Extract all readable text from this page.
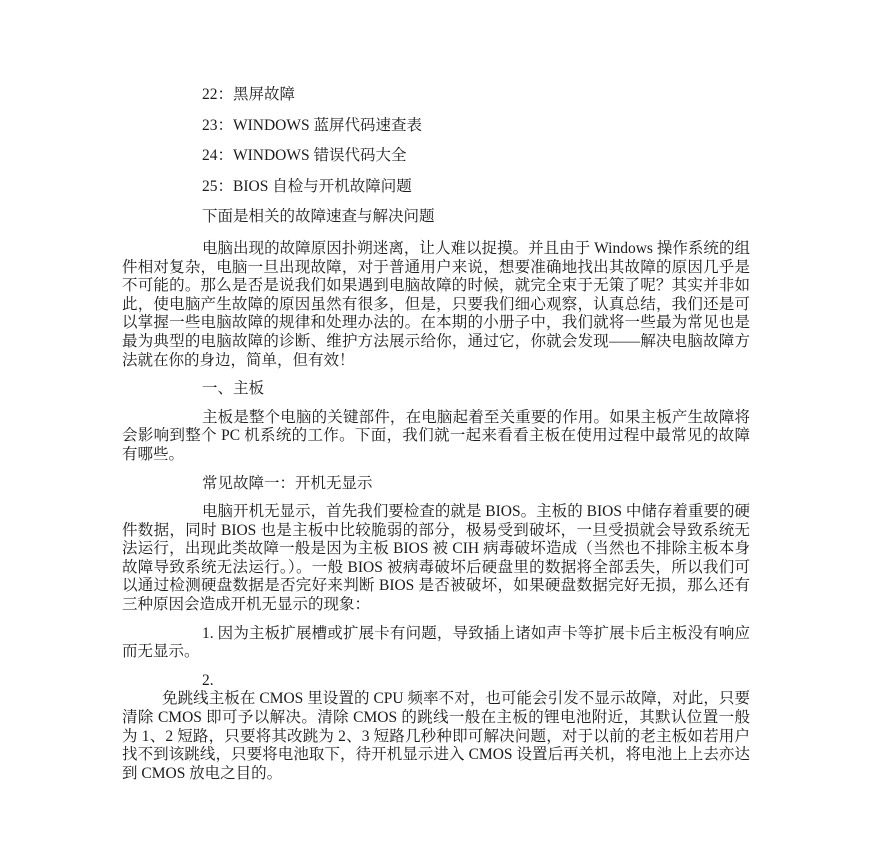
22：黑屏故障

23：WINDOWS 蓝屏代码速查表

24：WINDOWS 错误代码大全

25：BIOS 自检与开机故障问题

下面是相关的故障速查与解决问题

电脑出现的故障原因扑朔迷离，让人难以捉摸。并且由于 Windows 操作系统的组件相对复杂，电脑一旦出现故障，对于普通用户来说，想要准确地找出其故障的原因几乎是不可能的。那么是否是说我们如果遇到电脑故障的时候，就完全束于无策了呢？其实并非如此，使电脑产生故障的原因虽然有很多，但是，只要我们细心观察，认真总结，我们还是可以掌握一些电脑故障的规律和处理办法的。在本期的小册子中，我们就将一些最为常见也是最为典型的电脑故障的诊断、维护方法展示给你，通过它，你就会发现——解决电脑故障方法就在你的身边，简单，但有效！

一、主板

主板是整个电脑的关键部件，在电脑起着至关重要的作用。如果主板产生故障将会影响到整个 PC 机系统的工作。下面，我们就一起来看看主板在使用过程中最常见的故障有哪些。

常见故障一：开机无显示

电脑开机无显示，首先我们要检查的就是 BIOS。主板的 BIOS 中储存着重要的硬件数据，同时 BIOS 也是主板中比较脆弱的部分，极易受到破坏，一旦受损就会导致系统无法运行，出现此类故障一般是因为主板 BIOS 被 CIH 病毒破坏造成（当然也不排除主板本身故障导致系统无法运行。）。一般 BIOS 被病毒破坏后硬盘里的数据将全部丢失，所以我们可以通过检测硬盘数据是否完好来判断 BIOS 是否被破坏，如果硬盘数据完好无损，那么还有三种原因会造成开机无显示的现象：

1. 因为主板扩展槽或扩展卡有问题，导致插上诸如声卡等扩展卡后主板没有响应而无显示。

2.

免跳线主板在 CMOS 里设置的 CPU 频率不对，也可能会引发不显示故障，对此，只要清除 CMOS 即可予以解决。清除 CMOS 的跳线一般在主板的锂电池附近，其默认位置一般为 1、2 短路，只要将其改跳为 2、3 短路几秒种即可解决问题，对于以前的老主板如若用户找不到该跳线，只要将电池取下，待开机显示进入 CMOS 设置后再关机，将电池上上去亦达到 CMOS 放电之目的。
